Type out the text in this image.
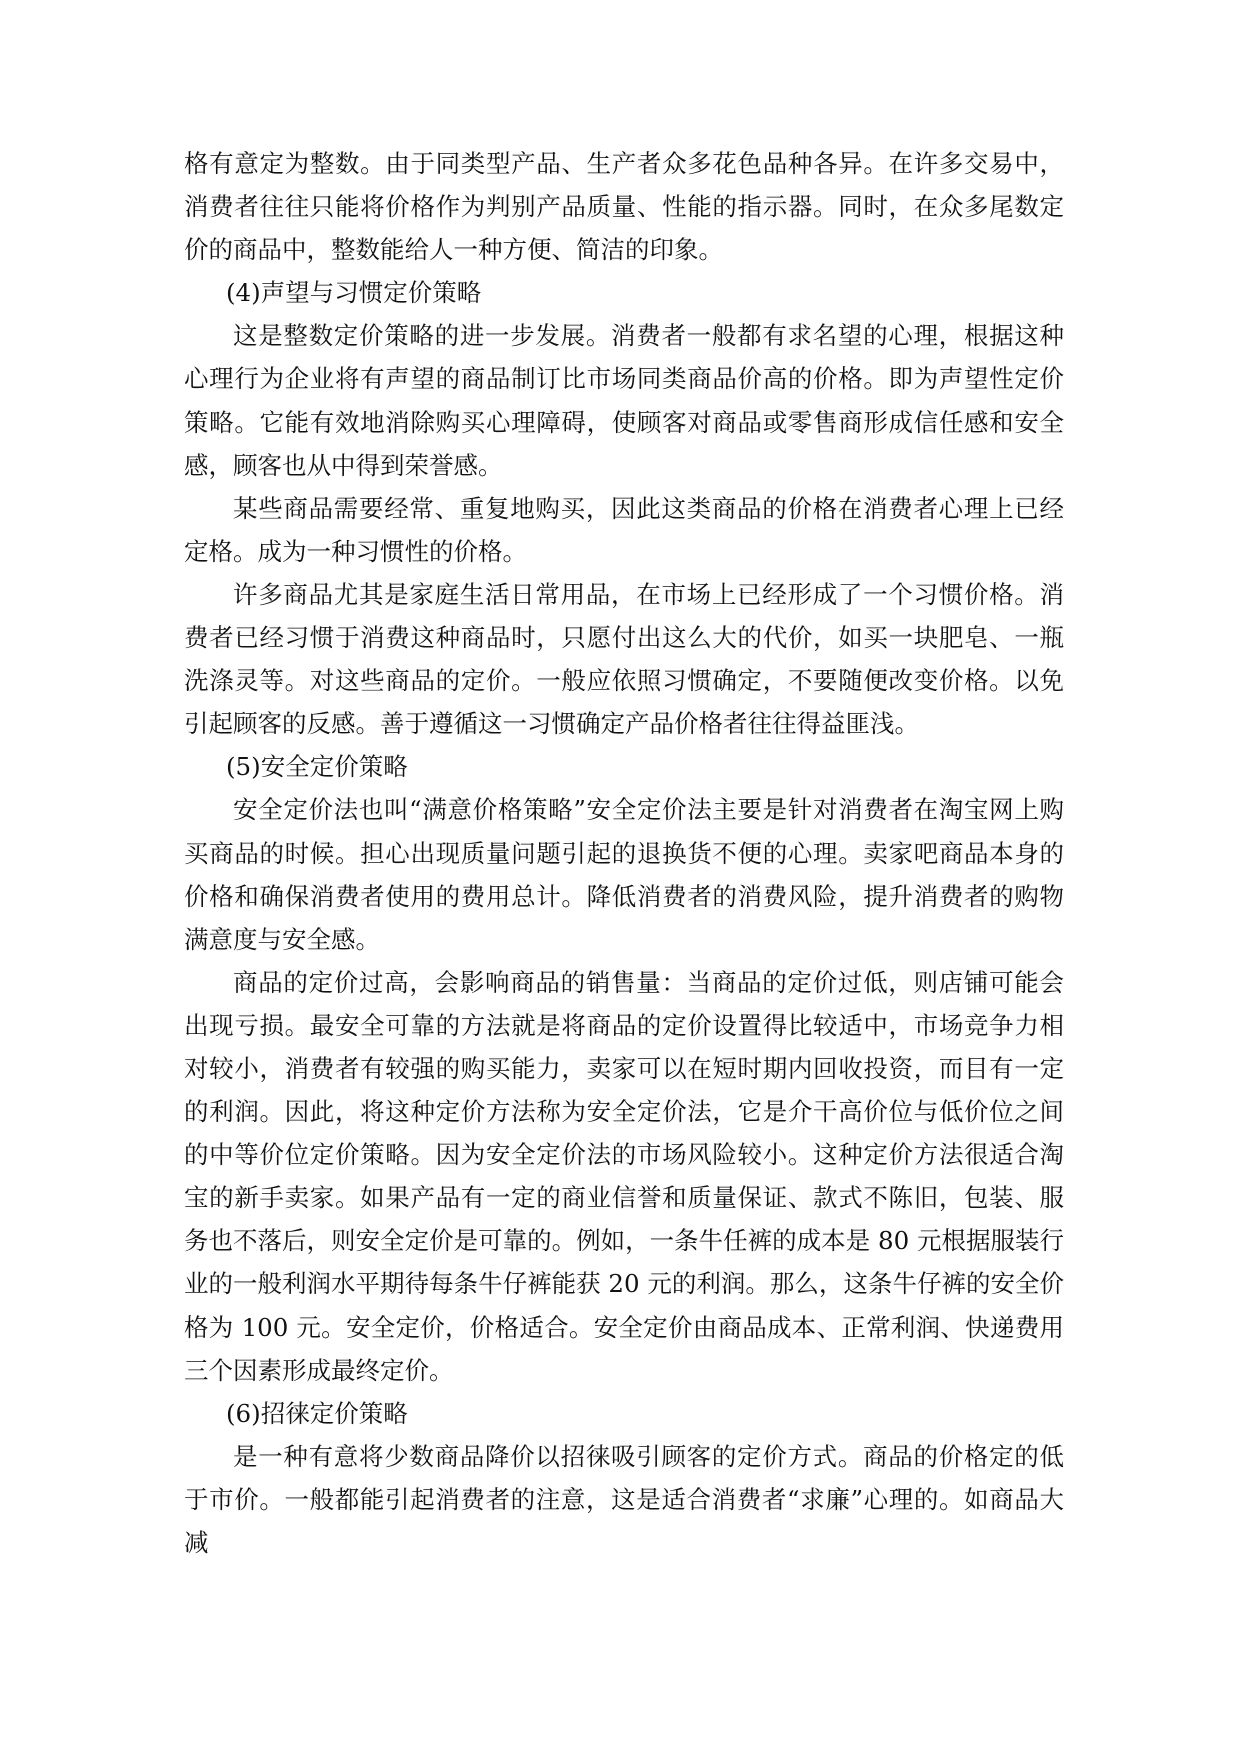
格有意定为整数。由于同类型产品、生产者众多花色品种各异。在许多交易中，消费者往往只能将价格作为判别产品质量、性能的指示器。同时，在众多尾数定价的商品中，整数能给人一种方便、简洁的印象。

(4)声望与习惯定价策略

这是整数定价策略的进一步发展。消费者一般都有求名望的心理，根据这种心理行为企业将有声望的商品制订比市场同类商品价高的价格。即为声望性定价策略。它能有效地消除购买心理障碍，使顾客对商品或零售商形成信任感和安全感，顾客也从中得到荣誉感。

某些商品需要经常、重复地购买，因此这类商品的价格在消费者心理上已经定格。成为一种习惯性的价格。

许多商品尤其是家庭生活日常用品，在市场上已经形成了一个习惯价格。消费者已经习惯于消费这种商品时，只愿付出这么大的代价，如买一块肥皂、一瓶洗涤灵等。对这些商品的定价。一般应依照习惯确定，不要随便改变价格。以免引起顾客的反感。善于遵循这一习惯确定产品价格者往往得益匪浅。

(5)安全定价策略

安全定价法也叫“满意价格策略”安全定价法主要是针对消费者在淘宝网上购买商品的时候。担心出现质量问题引起的退换货不便的心理。卖家吧商品本身的价格和确保消费者使用的费用总计。降低消费者的消费风险，提升消费者的购物满意度与安全感。

商品的定价过高，会影响商品的销售量：当商品的定价过低，则店铺可能会出现亏损。最安全可靠的方法就是将商品的定价设置得比较适中，市场竞争力相对较小，消费者有较强的购买能力，卖家可以在短时期内回收投资，而目有一定的利润。因此，将这种定价方法称为安全定价法，它是介干高价位与低价位之间的中等价位定价策略。因为安全定价法的市场风险较小。这种定价方法很适合淘宝的新手卖家。如果产品有一定的商业信誉和质量保证、款式不陈旧，包装、服务也不落后，则安全定价是可靠的。例如，一条牛任裤的成本是 80 元根据服装行业的一般利润水平期待每条牛仔裤能获 20 元的利润。那么，这条牛仔裤的安全价格为 100 元。安全定价，价格适合。安全定价由商品成本、正常利润、快递费用三个因素形成最终定价。

(6)招徕定价策略

是一种有意将少数商品降价以招徕吸引顾客的定价方式。商品的价格定的低于市价。一般都能引起消费者的注意，这是适合消费者“求廉”心理的。如商品大减
